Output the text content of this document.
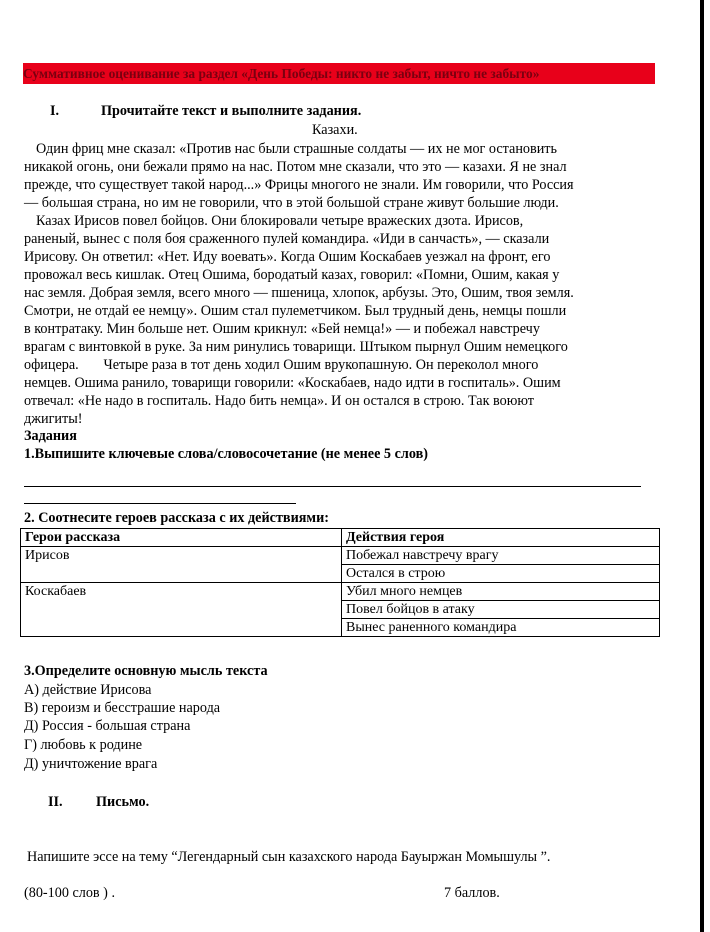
Суммативное оценивание за раздел «День Победы: никто не забыт, ничто не забыто»
I.	Прочитайте текст и выполните задания.
Казахи.
Один фриц мне сказал: «Против нас были страшные солдаты — их не мог остановить
никакой огонь, они бежали прямо на нас. Потом мне сказали, что это — казахи. Я не знал
прежде, что существует такой народ...» Фрицы многого не знали. Им говорили, что Россия
— большая страна, но им не говорили, что в этой большой стране живут большие люди.
Казах Ирисов повел бойцов. Они блокировали четыре вражеских дзота. Ирисов,
раненый, вынес с поля боя сраженного пулей командира. «Иди в санчасть», — сказали
Ирисову. Он ответил: «Нет. Иду воевать». Когда Ошим Коскабаев уезжал на фронт, его
провожал весь кишлак. Отец Ошима, бородатый казах, говорил: «Помни, Ошим, какая у
нас земля. Добрая земля, всего много — пшеница, хлопок, арбузы. Это, Ошим, твоя земля.
Смотри, не отдай ее немцу». Ошим стал пулеметчиком. Был трудный день, немцы пошли
в контратаку. Мин больше нет. Ошим крикнул: «Бей немца!» — и побежал навстречу
врагам с винтовкой в руке. За ним ринулись товарищи. Штыком пырнул Ошим немецкого
офицера.       Четыре раза в тот день ходил Ошим врукопашную. Он переколол много
немцев. Ошима ранило, товарищи говорили: «Коскабаев, надо идти в госпиталь». Ошим
отвечал: «Не надо в госпиталь. Надо бить немца». И он остался в строю. Так воюют
джигиты!
Задания
1.Выпишите ключевые слова/словосочетание (не менее 5 слов)
2. Соотнесите героев рассказа с их действиями:
Герои рассказа	Действия героя
Ирисов	Побежал навстречу врагу
	Остался в строю
Коскабаев	Убил много немцев
	Повел бойцов в атаку
	Вынес раненного командира
3.Определите основную мысль текста
А) действие Ирисова
В) героизм и бесстрашие народа
Д) Россия - большая страна
Г) любовь к родине
Д) уничтожение врага
II. Письмо.
Напишите эссе на тему “Легендарный сын казахского народа Бауыржан Момышулы ”.
(80-100 слов ) .	7 баллов.
